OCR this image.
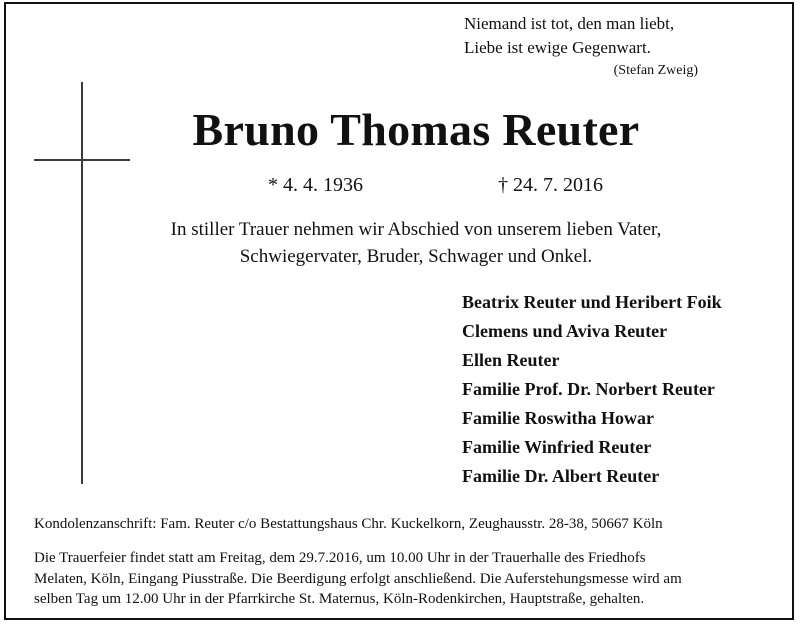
Niemand ist tot, den man liebt,
Liebe ist ewige Gegenwart.
(Stefan Zweig)
Bruno Thomas Reuter
* 4. 4. 1936	† 24. 7. 2016
In stiller Trauer nehmen wir Abschied von unserem lieben Vater,
Schwiegervater, Bruder, Schwager und Onkel.
Beatrix Reuter und Heribert Foik
Clemens und Aviva Reuter
Ellen Reuter
Familie Prof. Dr. Norbert Reuter
Familie Roswitha Howar
Familie Winfried Reuter
Familie Dr. Albert Reuter
Kondolenzanschrift: Fam. Reuter c/o Bestattungshaus Chr. Kuckelkorn, Zeughausstr. 28-38, 50667 Köln
Die Trauerfeier findet statt am Freitag, dem 29.7.2016, um 10.00 Uhr in der Trauerhalle des Friedhofs
Melaten, Köln, Eingang Piusstraße. Die Beerdigung erfolgt anschließend. Die Auferstehungsmesse wird am
selben Tag um 12.00 Uhr in der Pfarrkirche St. Maternus, Köln-Rodenkirchen, Hauptstraße, gehalten.
